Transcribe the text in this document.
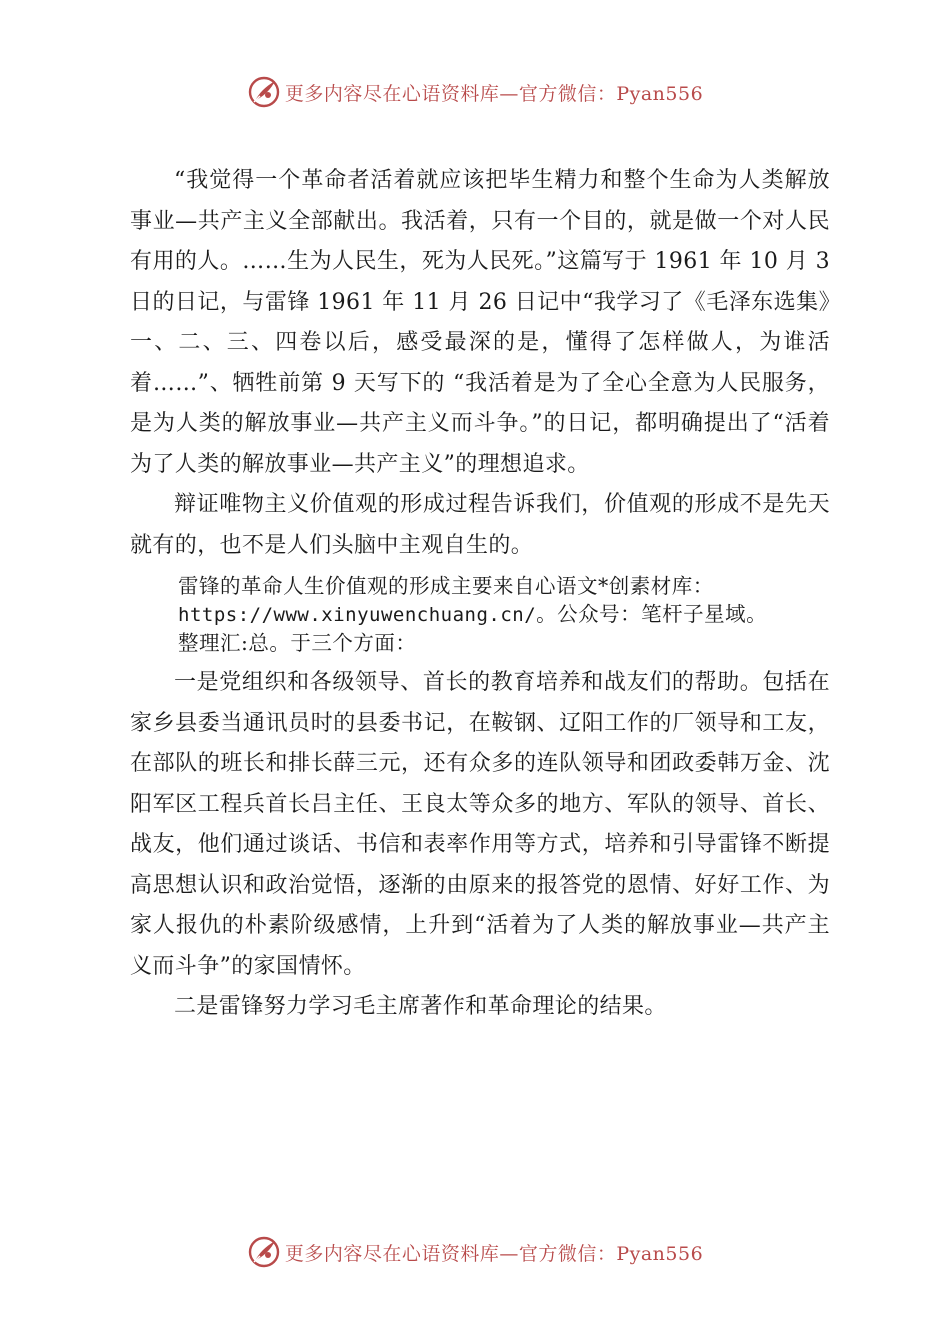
更多内容尽在心语资料库—官方微信：Pyan556

“我觉得一个革命者活着就应该把毕生精力和整个生命为人类解放事业—共产主义全部献出。我活着，只有一个目的，就是做一个对人民有用的人。……生为人民生，死为人民死。”这篇写于 1961 年 10 月 3 日的日记，与雷锋 1961 年 11 月 26 日记中“我学习了《毛泽东选集》一、二、三、四卷以后，感受最深的是，懂得了怎样做人，为谁活着……”、牺牲前第 9 天写下的 “我活着是为了全心全意为人民服务，是为人类的解放事业—共产主义而斗争。”的日记，都明确提出了“活着为了人类的解放事业—共产主义”的理想追求。

辩证唯物主义价值观的形成过程告诉我们，价值观的形成不是先天就有的，也不是人们头脑中主观自生的。

雷锋的革命人生价值观的形成主要来自心语文*创素材库：
https://www.xinyuwenchuang.cn/。公众号：笔杆子星域。
整理汇:总。于三个方面：

一是党组织和各级领导、首长的教育培养和战友们的帮助。包括在家乡县委当通讯员时的县委书记，在鞍钢、辽阳工作的厂领导和工友，在部队的班长和排长薛三元，还有众多的连队领导和团政委韩万金、沈阳军区工程兵首长吕主任、王良太等众多的地方、军队的领导、首长、战友，他们通过谈话、书信和表率作用等方式，培养和引导雷锋不断提高思想认识和政治觉悟，逐渐的由原来的报答党的恩情、好好工作、为家人报仇的朴素阶级感情，上升到“活着为了人类的解放事业—共产主义而斗争”的家国情怀。

二是雷锋努力学习毛主席著作和革命理论的结果。

更多内容尽在心语资料库—官方微信：Pyan556
